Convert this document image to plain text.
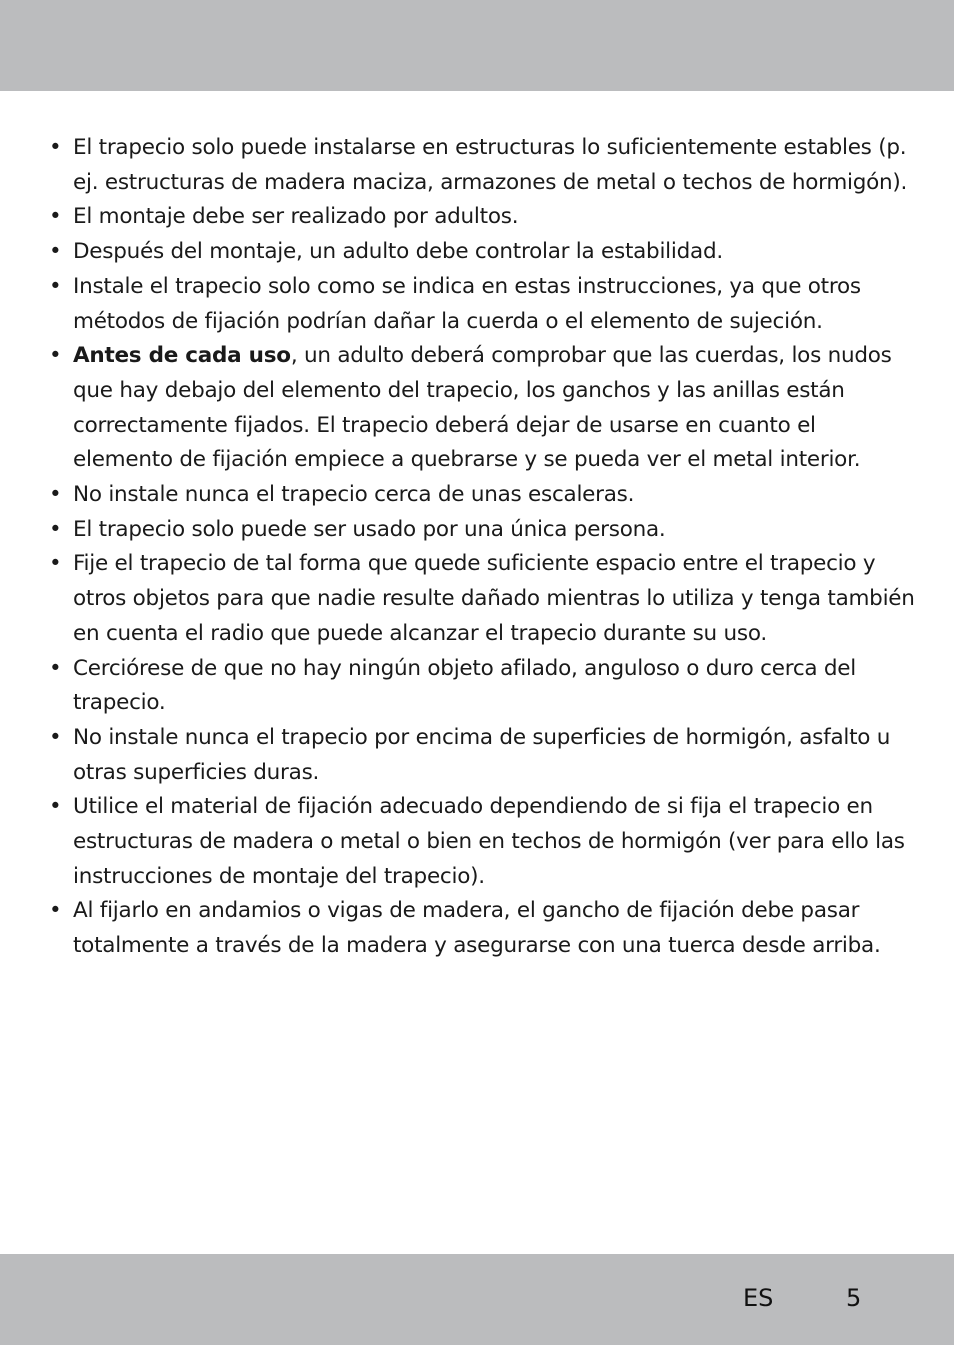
• El trapecio solo puede instalarse en estructuras lo suficientemente estables (p. ej. estructuras de madera maciza, armazones de metal o techos de hormigón).
• El montaje debe ser realizado por adultos.
• Después del montaje, un adulto debe controlar la estabilidad.
• Instale el trapecio solo como se indica en estas instrucciones, ya que otros métodos de fijación podrían dañar la cuerda o el elemento de sujeción.
• Antes de cada uso, un adulto deberá comprobar que las cuerdas, los nudos que hay debajo del elemento del trapecio, los ganchos y las anillas están correctamente fijados. El trapecio deberá dejar de usarse en cuanto el elemento de fijación empiece a quebrarse y se pueda ver el metal interior.
• No instale nunca el trapecio cerca de unas escaleras.
• El trapecio solo puede ser usado por una única persona.
• Fije el trapecio de tal forma que quede suficiente espacio entre el trapecio y otros objetos para que nadie resulte dañado mientras lo utiliza y tenga también en cuenta el radio que puede alcanzar el trapecio durante su uso.
• Cerciórese de que no hay ningún objeto afilado, anguloso o duro cerca del trapecio.
• No instale nunca el trapecio por encima de superficies de hormigón, asfalto u otras superficies duras.
• Utilice el material de fijación adecuado dependiendo de si fija el trapecio en estructuras de madera o metal o bien en techos de hormigón (ver para ello las instrucciones de montaje del trapecio).
• Al fijarlo en andamios o vigas de madera, el gancho de fijación debe pasar totalmente a través de la madera y asegurarse con una tuerca desde arriba.
ES	5
